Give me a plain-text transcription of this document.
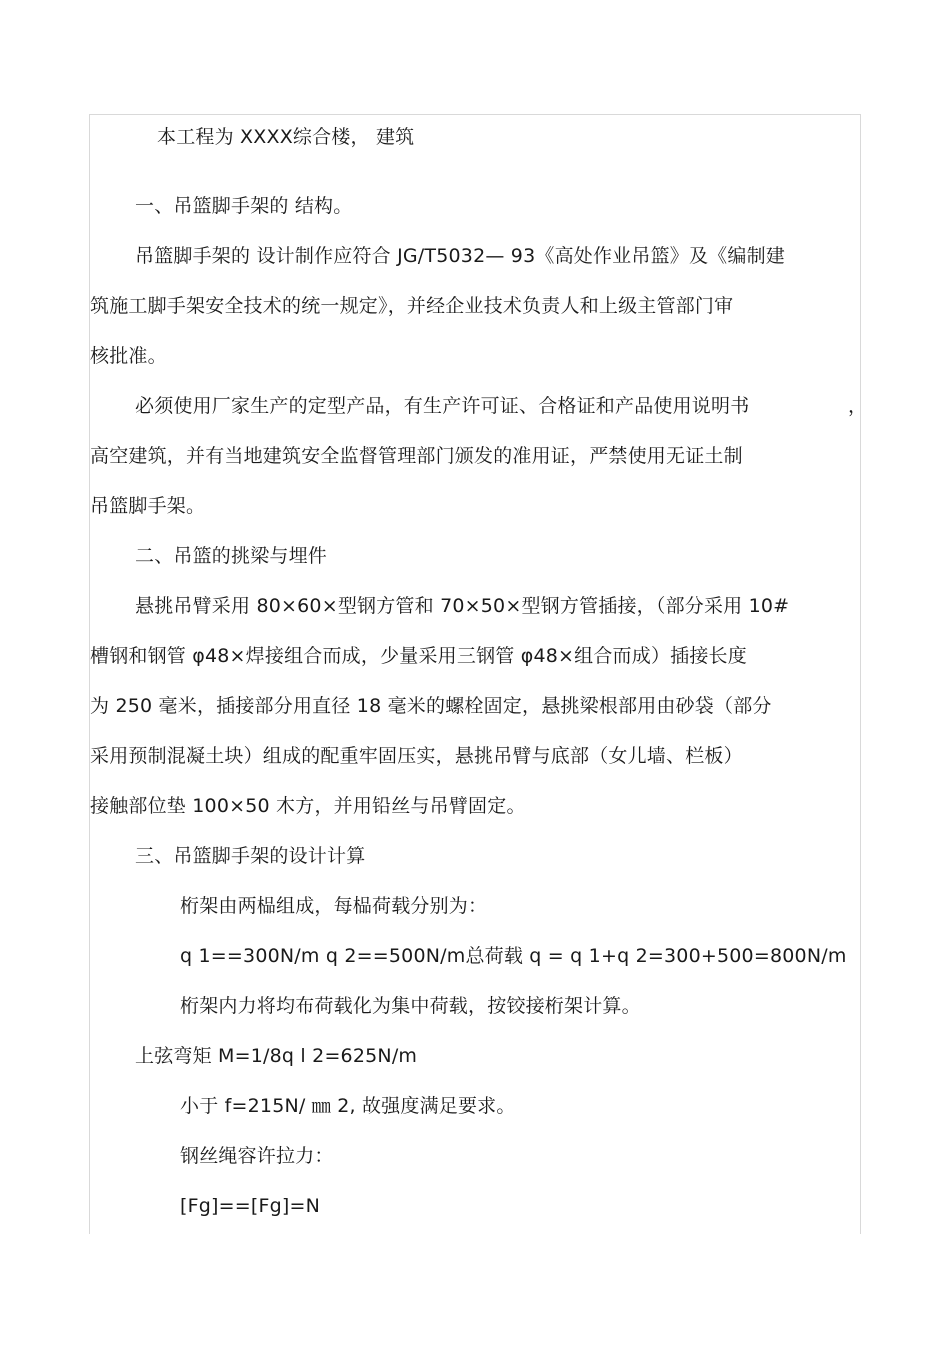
本工程为 XXXX综合楼， 建筑
一、吊篮脚手架的 结构。
吊篮脚手架的 设计制作应符合 JG/T5032— 93《高处作业吊篮》及《编制建
筑施工脚手架安全技术的统一规定》，并经企业技术负责人和上级主管部门审
核批准。
必须使用厂家生产的定型产品，有生产许可证、合格证和产品使用说明书	，
高空建筑，并有当地建筑安全监督管理部门颁发的准用证，严禁使用无证土制
吊篮脚手架。
二、吊篮的挑梁与埋件
悬挑吊臂采用 80×60×型钢方管和 70×50×型钢方管插接，（部分采用 10#
槽钢和钢管 φ48×焊接组合而成，少量采用三钢管 φ48×组合而成）插接长度
为 250 毫米，插接部分用直径 18 毫米的螺栓固定，悬挑梁根部用由砂袋（部分
采用预制混凝土块）组成的配重牢固压实，悬挑吊臂与底部（女儿墙、栏板）
接触部位垫 100×50 木方，并用铅丝与吊臂固定。
三、吊篮脚手架的设计计算
桁架由两榀组成，每榀荷载分别为：
q 1==300N/m q 2==500N/m总荷载 q = q 1+q 2=300+500=800N/m
桁架内力将均布荷载化为集中荷载，按铰接桁架计算。
上弦弯矩 M=1/8q l 2=625N/m
小于 f=215N/ ㎜ 2, 故强度满足要求。
钢丝绳容许拉力：
[Fg]==[Fg]=N
